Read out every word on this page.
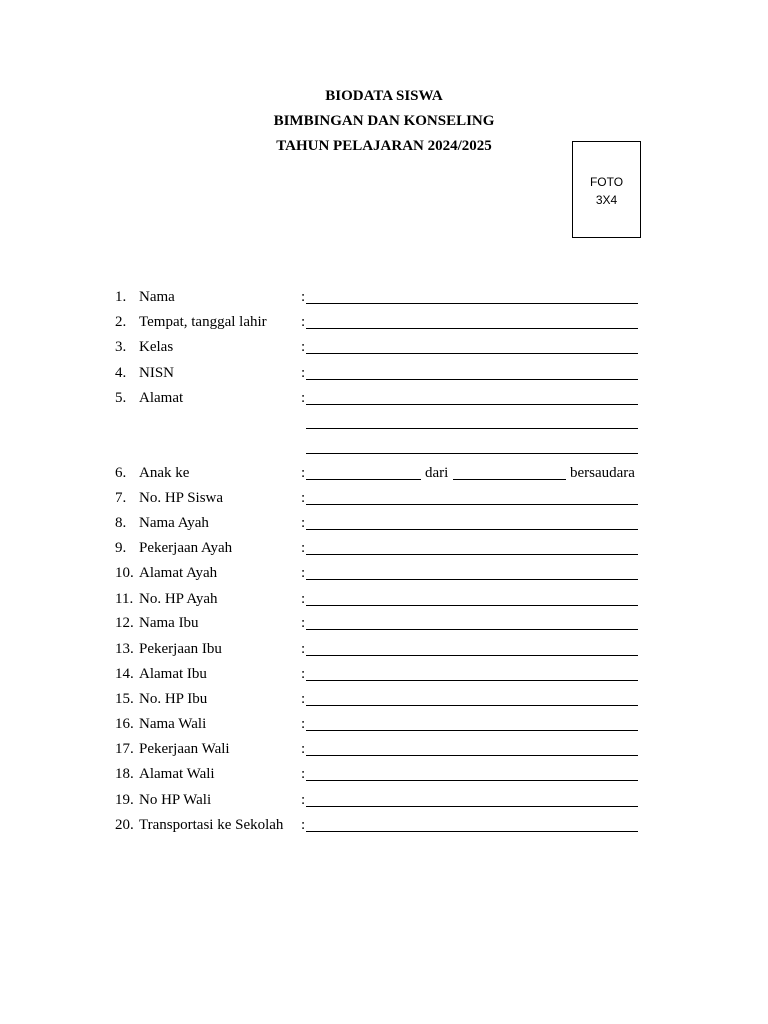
BIODATA SISWA
BIMBINGAN DAN KONSELING
TAHUN PELAJARAN 2024/2025
FOTO
3X4
1. Nama	:
2. Tempat, tanggal lahir :
3. Kelas	:
4. NISN	:
5. Alamat	:
6. Anak ke	:	dari	bersaudara
7. No. HP Siswa	:
8. Nama Ayah	:
9. Pekerjaan Ayah	:
10. Alamat Ayah	:
11. No. HP Ayah	:
12. Nama Ibu	:
13. Pekerjaan Ibu	:
14. Alamat Ibu	:
15. No. HP Ibu	:
16. Nama Wali	:
17. Pekerjaan Wali	:
18. Alamat Wali	:
19. No HP Wali	:
20. Transportasi ke Sekolah :
